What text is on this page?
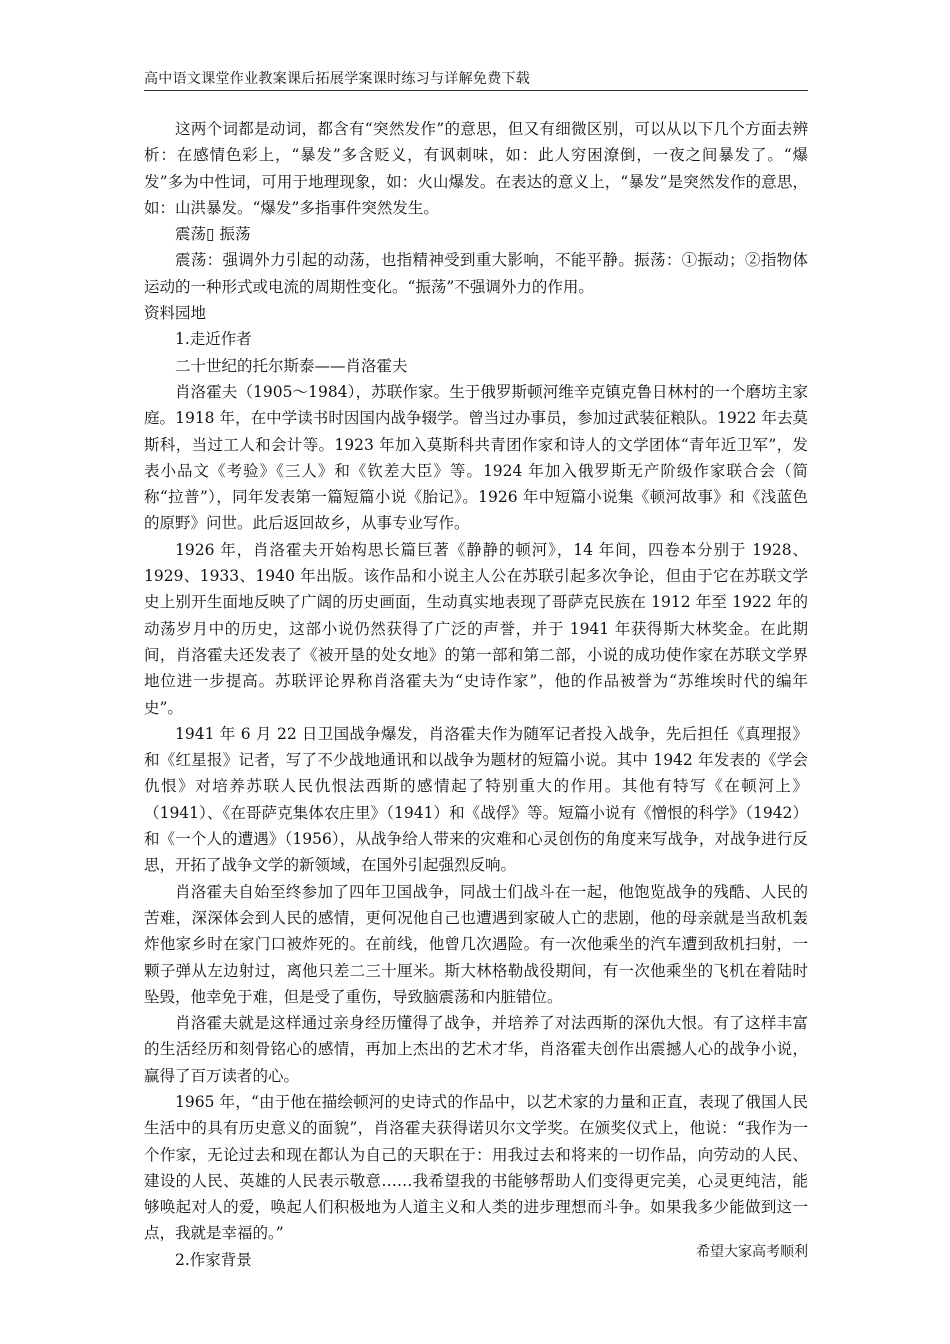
高中语文课堂作业教案课后拓展学案课时练习与详解免费下载

这两个词都是动词，都含有“突然发作”的意思，但又有细微区别，可以从以下几个方面去辨析：在感情色彩上，“暴发”多含贬义，有讽刺味，如：此人穷困潦倒，一夜之间暴发了。“爆发”多为中性词，可用于地理现象，如：火山爆发。在表达的意义上，“暴发”是突然发作的意思，如：山洪暴发。“爆发”多指事件突然发生。

震荡▯ 振荡

震荡：强调外力引起的动荡，也指精神受到重大影响，不能平静。振荡：①振动；②指物体运动的一种形式或电流的周期性变化。“振荡”不强调外力的作用。

资料园地

1.走近作者

二十世纪的托尔斯泰——肖洛霍夫

肖洛霍夫（1905～1984），苏联作家。生于俄罗斯顿河维辛克镇克鲁日林村的一个磨坊主家庭。1918 年，在中学读书时因国内战争辍学。曾当过办事员，参加过武装征粮队。1922 年去莫斯科，当过工人和会计等。1923 年加入莫斯科共青团作家和诗人的文学团体“青年近卫军”，发表小品文《考验》《三人》和《钦差大臣》等。1924 年加入俄罗斯无产阶级作家联合会（简称“拉普”），同年发表第一篇短篇小说《胎记》。1926 年中短篇小说集《顿河故事》和《浅蓝色的原野》问世。此后返回故乡，从事专业写作。

1926 年，肖洛霍夫开始构思长篇巨著《静静的顿河》，14 年间，四卷本分别于 1928、1929、1933、1940 年出版。该作品和小说主人公在苏联引起多次争论，但由于它在苏联文学史上别开生面地反映了广阔的历史画面，生动真实地表现了哥萨克民族在 1912 年至 1922 年的动荡岁月中的历史，这部小说仍然获得了广泛的声誉，并于 1941 年获得斯大林奖金。在此期间，肖洛霍夫还发表了《被开垦的处女地》的第一部和第二部，小说的成功使作家在苏联文学界地位进一步提高。苏联评论界称肖洛霍夫为“史诗作家”，他的作品被誉为“苏维埃时代的编年史”。

1941 年 6 月 22 日卫国战争爆发，肖洛霍夫作为随军记者投入战争，先后担任《真理报》和《红星报》记者，写了不少战地通讯和以战争为题材的短篇小说。其中 1942 年发表的《学会仇恨》对培养苏联人民仇恨法西斯的感情起了特别重大的作用。其他有特写《在顿河上》（1941）、《在哥萨克集体农庄里》（1941）和《战俘》等。短篇小说有《憎恨的科学》（1942）和《一个人的遭遇》（1956），从战争给人带来的灾难和心灵创伤的角度来写战争，对战争进行反思，开拓了战争文学的新领域，在国外引起强烈反响。

肖洛霍夫自始至终参加了四年卫国战争，同战士们战斗在一起，他饱览战争的残酷、人民的苦难，深深体会到人民的感情，更何况他自己也遭遇到家破人亡的悲剧，他的母亲就是当敌机轰炸他家乡时在家门口被炸死的。在前线，他曾几次遇险。有一次他乘坐的汽车遭到敌机扫射，一颗子弹从左边射过，离他只差二三十厘米。斯大林格勒战役期间，有一次他乘坐的飞机在着陆时坠毁，他幸免于难，但是受了重伤，导致脑震荡和内脏错位。

肖洛霍夫就是这样通过亲身经历懂得了战争，并培养了对法西斯的深仇大恨。有了这样丰富的生活经历和刻骨铭心的感情，再加上杰出的艺术才华，肖洛霍夫创作出震撼人心的战争小说，赢得了百万读者的心。

1965 年，“由于他在描绘顿河的史诗式的作品中，以艺术家的力量和正直，表现了俄国人民生活中的具有历史意义的面貌”，肖洛霍夫获得诺贝尔文学奖。在颁奖仪式上，他说：“我作为一个作家，无论过去和现在都认为自己的天职在于：用我过去和将来的一切作品，向劳动的人民、建设的人民、英雄的人民表示敬意……我希望我的书能够帮助人们变得更完美，心灵更纯洁，能够唤起对人的爱，唤起人们积极地为人道主义和人类的进步理想而斗争。如果我多少能做到这一点，我就是幸福的。”

2.作家背景	希望大家高考顺利
